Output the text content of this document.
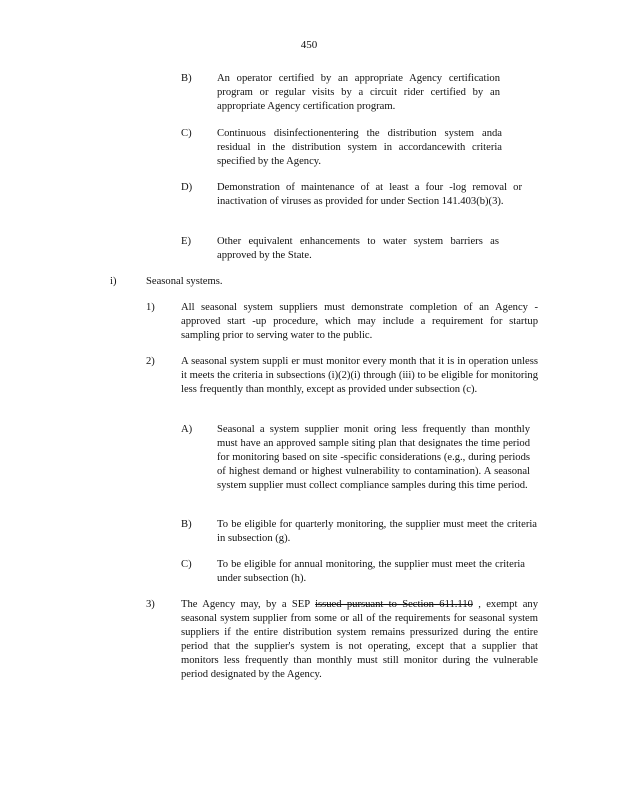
450
B) An operator certified by an appropriate Agency certification program or regular visits by a circuit rider certified by an appropriate Agency certification program.
C) Continuous disinfectionentering the distribution system anda residual in the distribution system in accordancewith criteria specified by the Agency.
D) Demonstration of maintenance of at least a four -log removal or inactivation of viruses as provided for under Section 141.403(b)(3).
E) Other equivalent enhancements to water system barriers as approved by the State.
i)	Seasonal systems.
1) All seasonal system suppliers must demonstrate completion of an Agency - approved start -up procedure, which may include a requirement for startup sampling prior to serving water to the public.
2) A seasonal system suppli er must monitor every month that it is in operation unless it meets the criteria in subsections (i)(2)(i) through (iii) to be eligible for monitoring less frequently than monthly, except as provided under subsection (c).
A) Seasonal a system supplier monit oring less frequently than monthly must have an approved sample siting plan that designates the time period for monitoring based on site -specific considerations (e.g., during periods of highest demand or highest vulnerability to contamination). A seasonal system supplier must collect compliance samples during this time period.
B) To be eligible for quarterly monitoring, the supplier must meet the criteria in subsection (g).
C) To be eligible for annual monitoring, the supplier must meet the criteria under subsection (h).
3) The Agency may, by a SEP issued pursuant to Section 611.110 , exempt any seasonal system supplier from some or all of the requirements for seasonal system suppliers if the entire distribution system remains pressurized during the entire period that the supplier's system is not operating, except that a supplier that monitors less frequently than monthly must still monitor during the vulnerable period designated by the Agency.
